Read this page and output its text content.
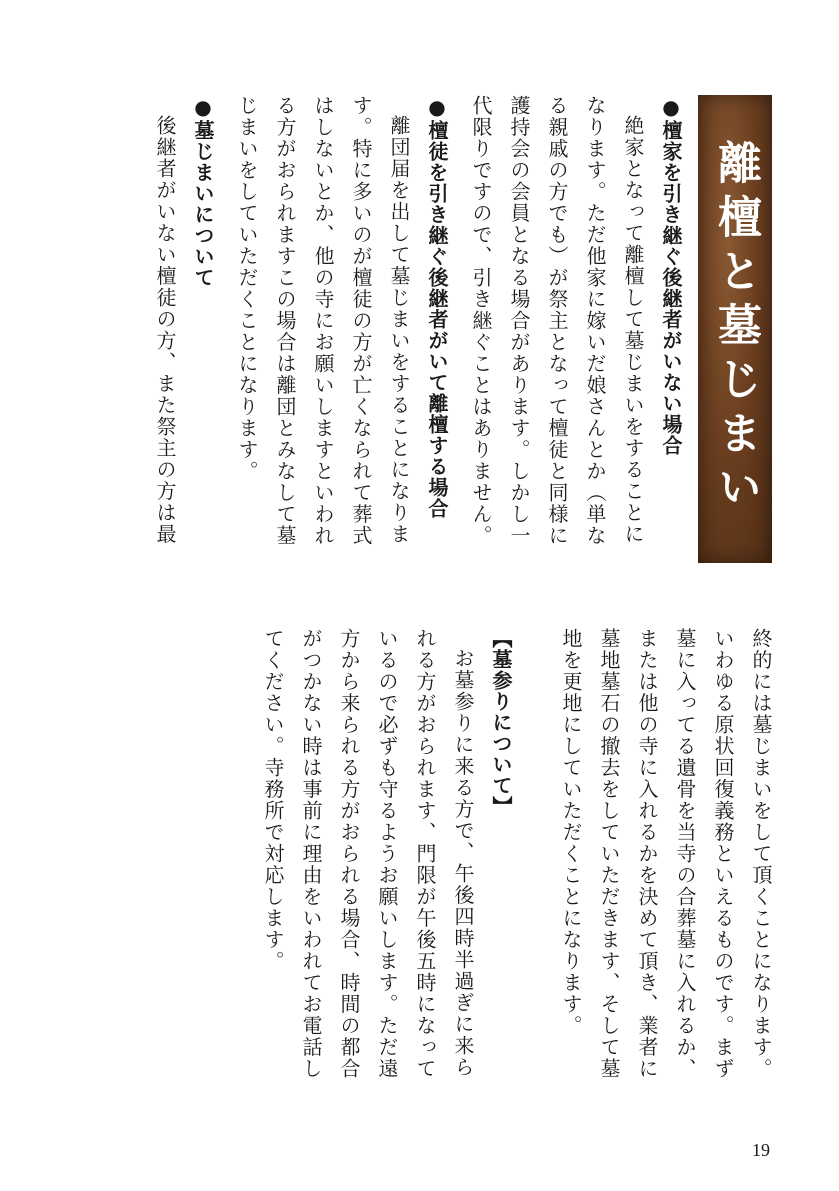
離檀と墓じまい

●檀家を引き継ぐ後継者がいない場合

絶家となって離檀して墓じまいをすることに

なります。ただ他家に嫁いだ娘さんとか（単な

る親戚の方でも）が祭主となって檀徒と同様に

護持会の会員となる場合があります。しかし一

代限りですので、引き継ぐことはありません。

●檀徒を引き継ぐ後継者がいて離檀する場合

離団届を出して墓じまいをすることになりま

す。特に多いのが檀徒の方が亡くなられて葬式

はしないとか、他の寺にお願いしますといわれ

る方がおられますこの場合は離団とみなして墓

じまいをしていただくことになります。

●墓じまいについて

後継者がいない檀徒の方、また祭主の方は最

終的には墓じまいをして頂くことになります。

いわゆる原状回復義務といえるものです。まず

墓に入ってる遺骨を当寺の合葬墓に入れるか、

または他の寺に入れるかを決めて頂き、業者に

墓地墓石の撤去をしていただきます、そして墓

地を更地にしていただくことになります。

【墓参りについて】

お墓参りに来る方で、午後四時半過ぎに来ら

れる方がおられます、門限が午後五時になって

いるので必ずも守るようお願いします。ただ遠

方から来られる方がおられる場合、時間の都合

がつかない時は事前に理由をいわれてお電話し

てください。寺務所で対応します。

19
